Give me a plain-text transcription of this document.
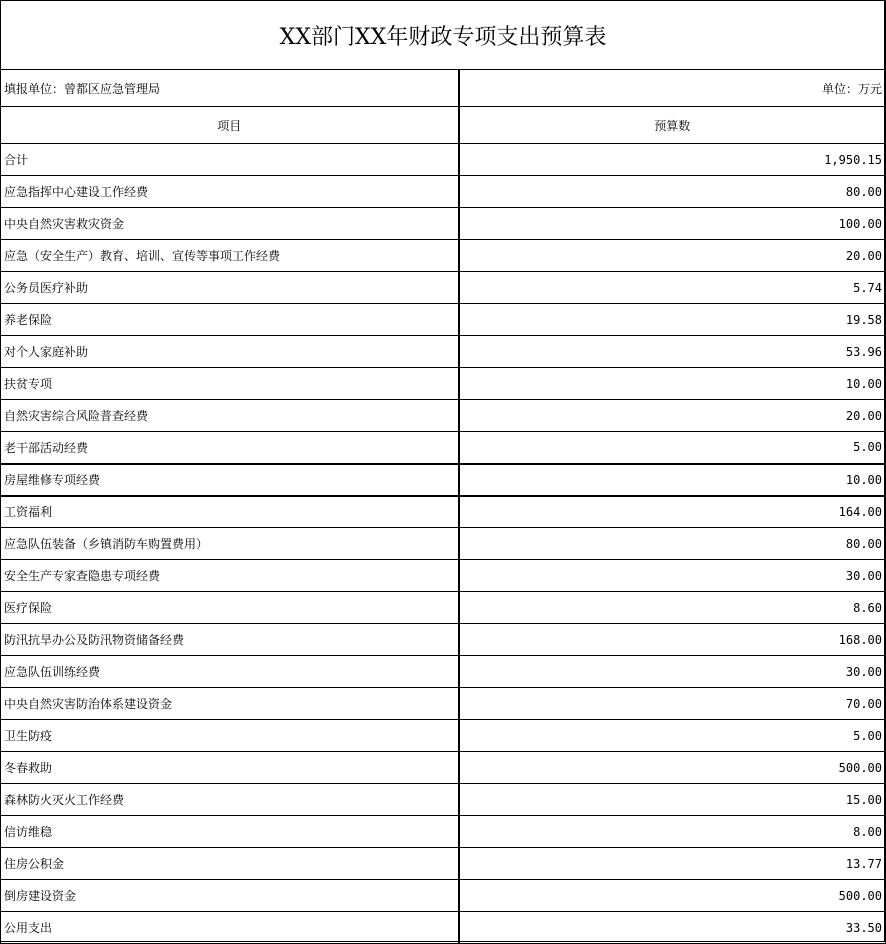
XX部门XX年财政专项支出预算表	
填报单位：曾都区应急管理局	单位：万元
项目	预算数
合计	1,950.15
应急指挥中心建设工作经费	80.00
中央自然灾害救灾资金	100.00
应急（安全生产）教育、培训、宣传等事项工作经费	20.00
公务员医疗补助	5.74
养老保险	19.58
对个人家庭补助	53.96
扶贫专项	10.00
自然灾害综合风险普查经费	20.00
老干部活动经费	5.00
房屋维修专项经费	10.00
工资福利	164.00
应急队伍装备（乡镇消防车购置费用）	80.00
安全生产专家查隐患专项经费	30.00
医疗保险	8.60
防汛抗旱办公及防汛物资储备经费	168.00
应急队伍训练经费	30.00
中央自然灾害防治体系建设资金	70.00
卫生防疫	5.00
冬春救助	500.00
森林防火灭火工作经费	15.00
信访维稳	8.00
住房公积金	13.77
倒房建设资金	500.00
公用支出	33.50
